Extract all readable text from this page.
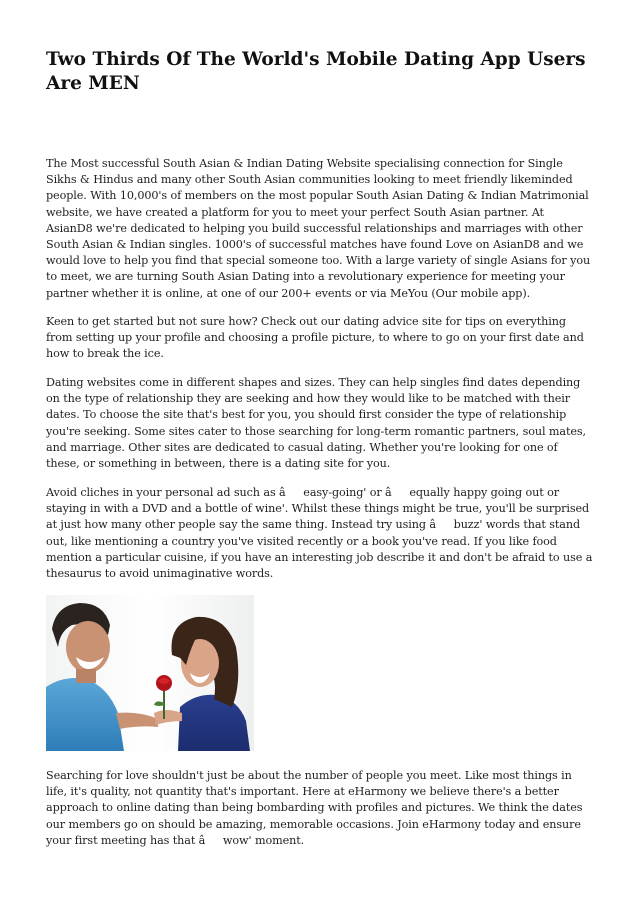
Two Thirds Of The World's Mobile Dating App Users Are MEN

The Most successful South Asian & Indian Dating Website specialising connection for Single Sikhs & Hindus and many other South Asian communities looking to meet friendly likeminded people. With 10,000's of members on the most popular South Asian Dating & Indian Matrimonial website, we have created a platform for you to meet your perfect South Asian partner. At AsianD8 we're dedicated to helping you build successful relationships and marriages with other South Asian & Indian singles. 1000's of successful matches have found Love on AsianD8 and we would love to help you find that special someone too. With a large variety of single Asians for you to meet, we are turning South Asian Dating into a revolutionary experience for meeting your partner whether it is online, at one of our 200+ events or via MeYou (Our mobile app).

Keen to get started but not sure how? Check out our dating advice site for tips on everything from setting up your profile and choosing a profile picture, to where to go on your first date and how to break the ice.

Dating websites come in different shapes and sizes. They can help singles find dates depending on the type of relationship they are seeking and how they would like to be matched with their dates. To choose the site that's best for you, you should first consider the type of relationship you're seeking. Some sites cater to those searching for long-term romantic partners, soul mates, and marriage. Other sites are dedicated to casual dating. Whether you're looking for one of these, or something in between, there is a dating site for you.

Avoid cliches in your personal ad such as âeasy-going' or âequally happy going out or staying in with a DVD and a bottle of wine'. Whilst these things might be true, you'll be surprised at just how many other people say the same thing. Instead try using âbuzz' words that stand out, like mentioning a country you've visited recently or a book you've read. If you like food mention a particular cuisine, if you have an interesting job describe it and don't be afraid to use a thesaurus to avoid unimaginative words.

Searching for love shouldn't just be about the number of people you meet. Like most things in life, it's quality, not quantity that's important. Here at eHarmony we believe there's a better approach to online dating than being bombarding with profiles and pictures. We think the dates our members go on should be amazing, memorable occasions. Join eHarmony today and ensure your first meeting has that âwow' moment.
